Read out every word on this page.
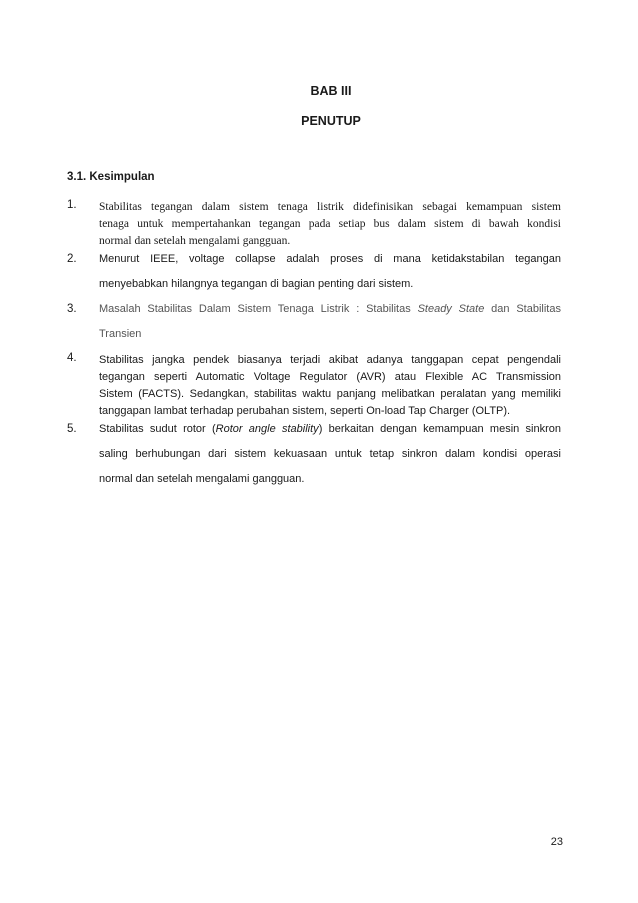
BAB III
PENUTUP
3.1. Kesimpulan
1. Stabilitas tegangan dalam sistem tenaga listrik didefinisikan sebagai kemampuan sistem
tenaga untuk mempertahankan tegangan pada setiap bus dalam sistem di bawah kondisi
normal dan setelah mengalami gangguan.
2. Menurut IEEE, voltage collapse adalah proses di mana ketidakstabilan tegangan
menyebabkan hilangnya tegangan di bagian penting dari sistem.
3. Masalah Stabilitas Dalam Sistem Tenaga Listrik : Stabilitas Steady State dan Stabilitas
Transien
4. Stabilitas jangka pendek biasanya terjadi akibat adanya tanggapan cepat pengendali
tegangan seperti Automatic Voltage Regulator (AVR) atau Flexible AC Transmission
Sistem (FACTS). Sedangkan, stabilitas waktu panjang melibatkan peralatan yang memiliki
tanggapan lambat terhadap perubahan sistem, seperti On-load Tap Charger (OLTP).
5. Stabilitas sudut rotor (Rotor angle stability) berkaitan dengan kemampuan mesin sinkron
saling berhubungan dari sistem kekuasaan untuk tetap sinkron dalam kondisi operasi
normal dan setelah mengalami gangguan.
23
